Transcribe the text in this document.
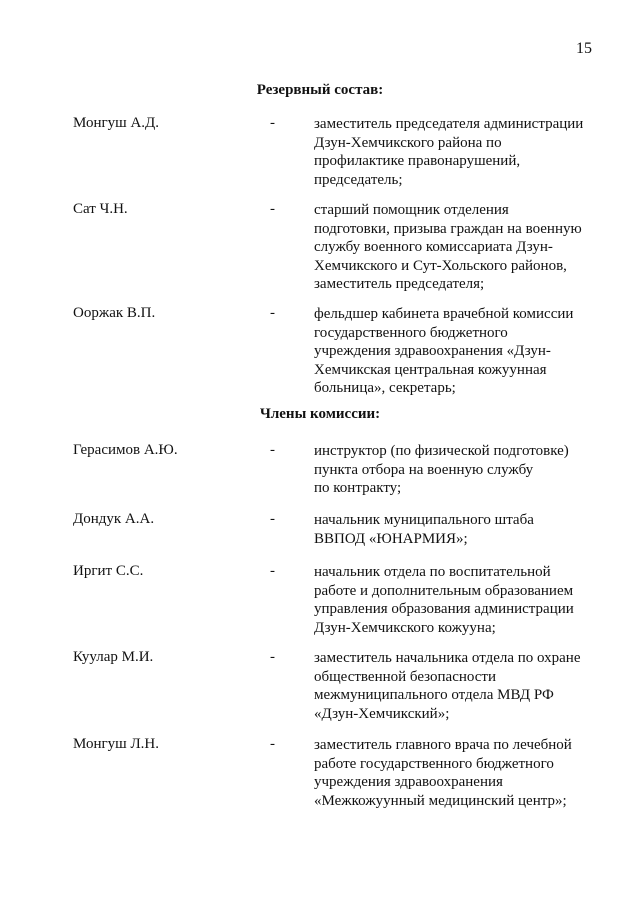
15
Резервный состав:
Монгуш А.Д.	-	заместитель председателя администрации
Дзун-Хемчикского района по
профилактике правонарушений,
председатель;
Сат Ч.Н.	-	старший помощник отделения
подготовки, призыва граждан на военную
службу военного комиссариата Дзун-
Хемчикского и Сут-Хольского районов,
заместитель председателя;
Ооржак В.П.	-	фельдшер кабинета врачебной комиссии
государственного бюджетного
учреждения здравоохранения «Дзун-
Хемчикская центральная кожуунная
больница», секретарь;
Члены комиссии:
Герасимов А.Ю.	-	инструктор (по физической подготовке)
пункта отбора на военную службу
по контракту;
Дондук А.А.	-	начальник муниципального штаба
ВВПОД «ЮНАРМИЯ»;
Иргит С.С.	-	начальник отдела по воспитательной
работе и дополнительным образованием
управления образования администрации
Дзун-Хемчикского кожууна;
Куулар М.И.	-	заместитель начальника отдела по охране
общественной безопасности
межмуниципального отдела МВД РФ
«Дзун-Хемчикский»;
Монгуш Л.Н.	-	заместитель главного врача по лечебной
работе государственного бюджетного
учреждения здравоохранения
«Межкожуунный медицинский центр»;
